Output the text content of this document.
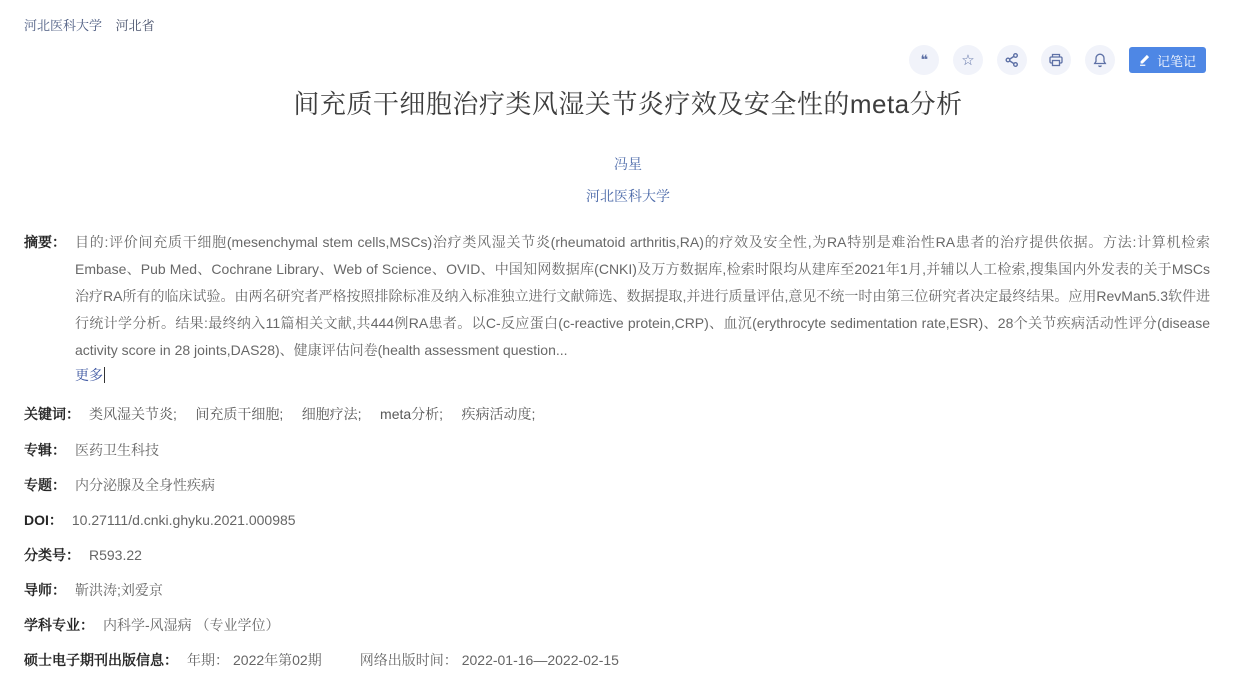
河北医科大学 河北省
❝ ☆	记笔记
间充质干细胞治疗类风湿关节炎疗效及安全性的meta分析
冯星
河北医科大学
摘要： 目的:评价间充质干细胞(mesenchymal stem cells,MSCs)治疗类风湿关节炎(rheumatoid arthritis,RA)的疗效及安全性,为RA特别是难治性RA患者的治疗提供依据。方法:计算机检索Embase、Pub Med、Cochrane Library、Web of Science、OVID、中国知网数据库(CNKI)及万方数据库,检索时限均从建库至2021年1月,并辅以人工检索,搜集国内外发表的关于MSCs治疗RA所有的临床试验。由两名研究者严格按照排除标准及纳入标准独立进行文献筛选、数据提取,并进行质量评估,意见不统一时由第三位研究者决定最终结果。应用RevMan5.3软件进行统计学分析。结果:最终纳入11篇相关文献,共444例RA患者。以C-反应蛋白(c-reactive protein,CRP)、血沉(erythrocyte sedimentation rate,ESR)、28个关节疾病活动性评分(disease activity score in 28 joints,DAS28)、健康评估问卷(health assessment question...

更多
关键词： 类风湿关节炎; 间充质干细胞; 细胞疗法; meta分析; 疾病活动度;
专辑： 医药卫生科技
专题： 内分泌腺及全身性疾病
DOI： 10.27111/d.cnki.ghyku.2021.000985
分类号： R593.22
导师： 靳洪涛;刘爱京
学科专业： 内科学-风湿病 （专业学位）
硕士电子期刊出版信息： 年期： 2022年第02期	网络出版时间： 2022-01-16—2022-02-15
